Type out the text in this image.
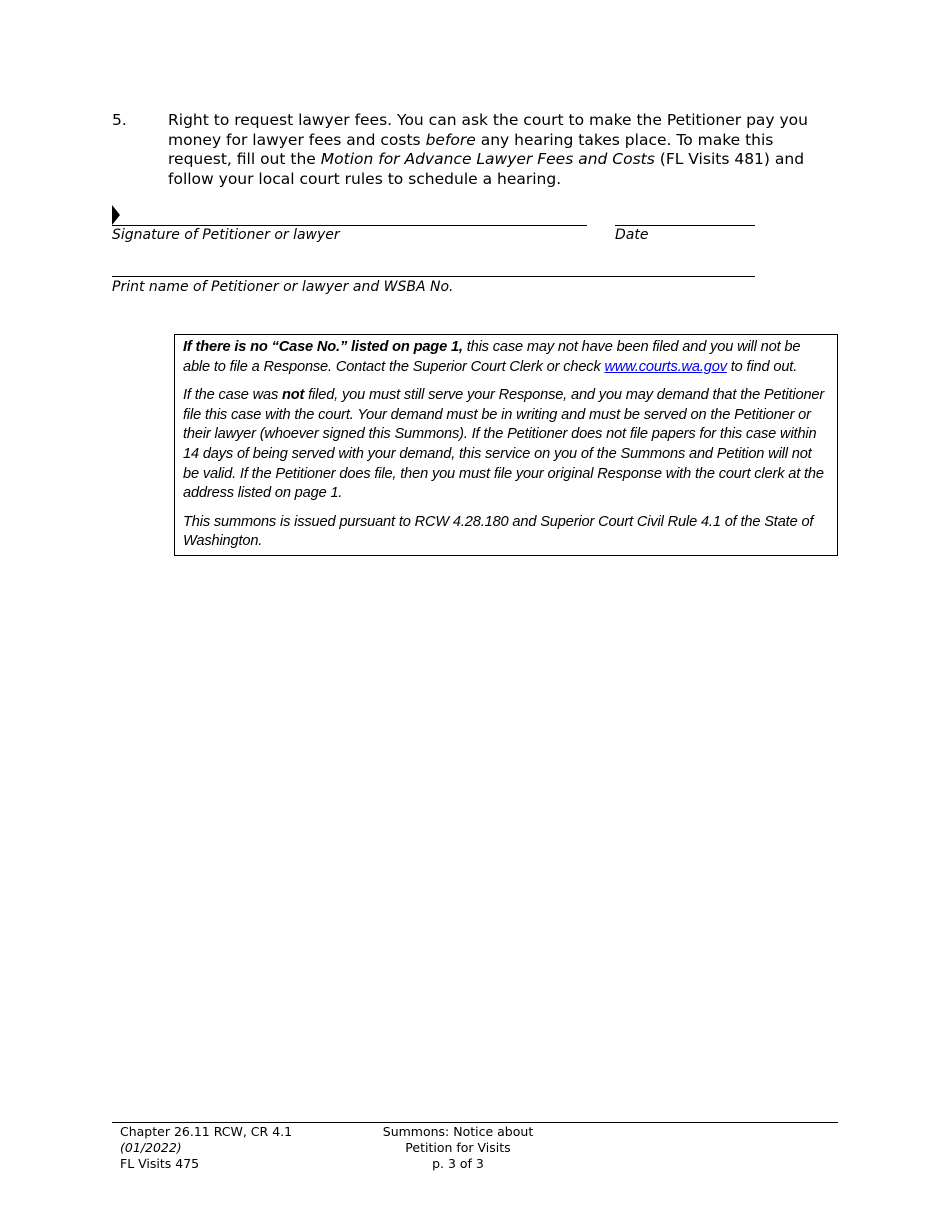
5.	Right to request lawyer fees. You can ask the court to make the Petitioner pay you money for lawyer fees and costs before any hearing takes place. To make this request, fill out the Motion for Advance Lawyer Fees and Costs (FL Visits 481) and follow your local court rules to schedule a hearing.
Signature of Petitioner or lawyer	Date
Print name of Petitioner or lawyer and WSBA No.

If there is no “Case No.” listed on page 1, this case may not have been filed and you will not be able to file a Response. Contact the Superior Court Clerk or check www.courts.wa.gov to find out.

If the case was not filed, you must still serve your Response, and you may demand that the Petitioner file this case with the court. Your demand must be in writing and must be served on the Petitioner or their lawyer (whoever signed this Summons). If the Petitioner does not file papers for this case within 14 days of being served with your demand, this service on you of the Summons and Petition will not be valid. If the Petitioner does file, then you must file your original Response with the court clerk at the address listed on page 1.

This summons is issued pursuant to RCW 4.28.180 and Superior Court Civil Rule 4.1 of the State of Washington.

Chapter 26.11 RCW, CR 4.1
(01/2022)
FL Visits 475
Summons: Notice about
Petition for Visits
p. 3 of 3
